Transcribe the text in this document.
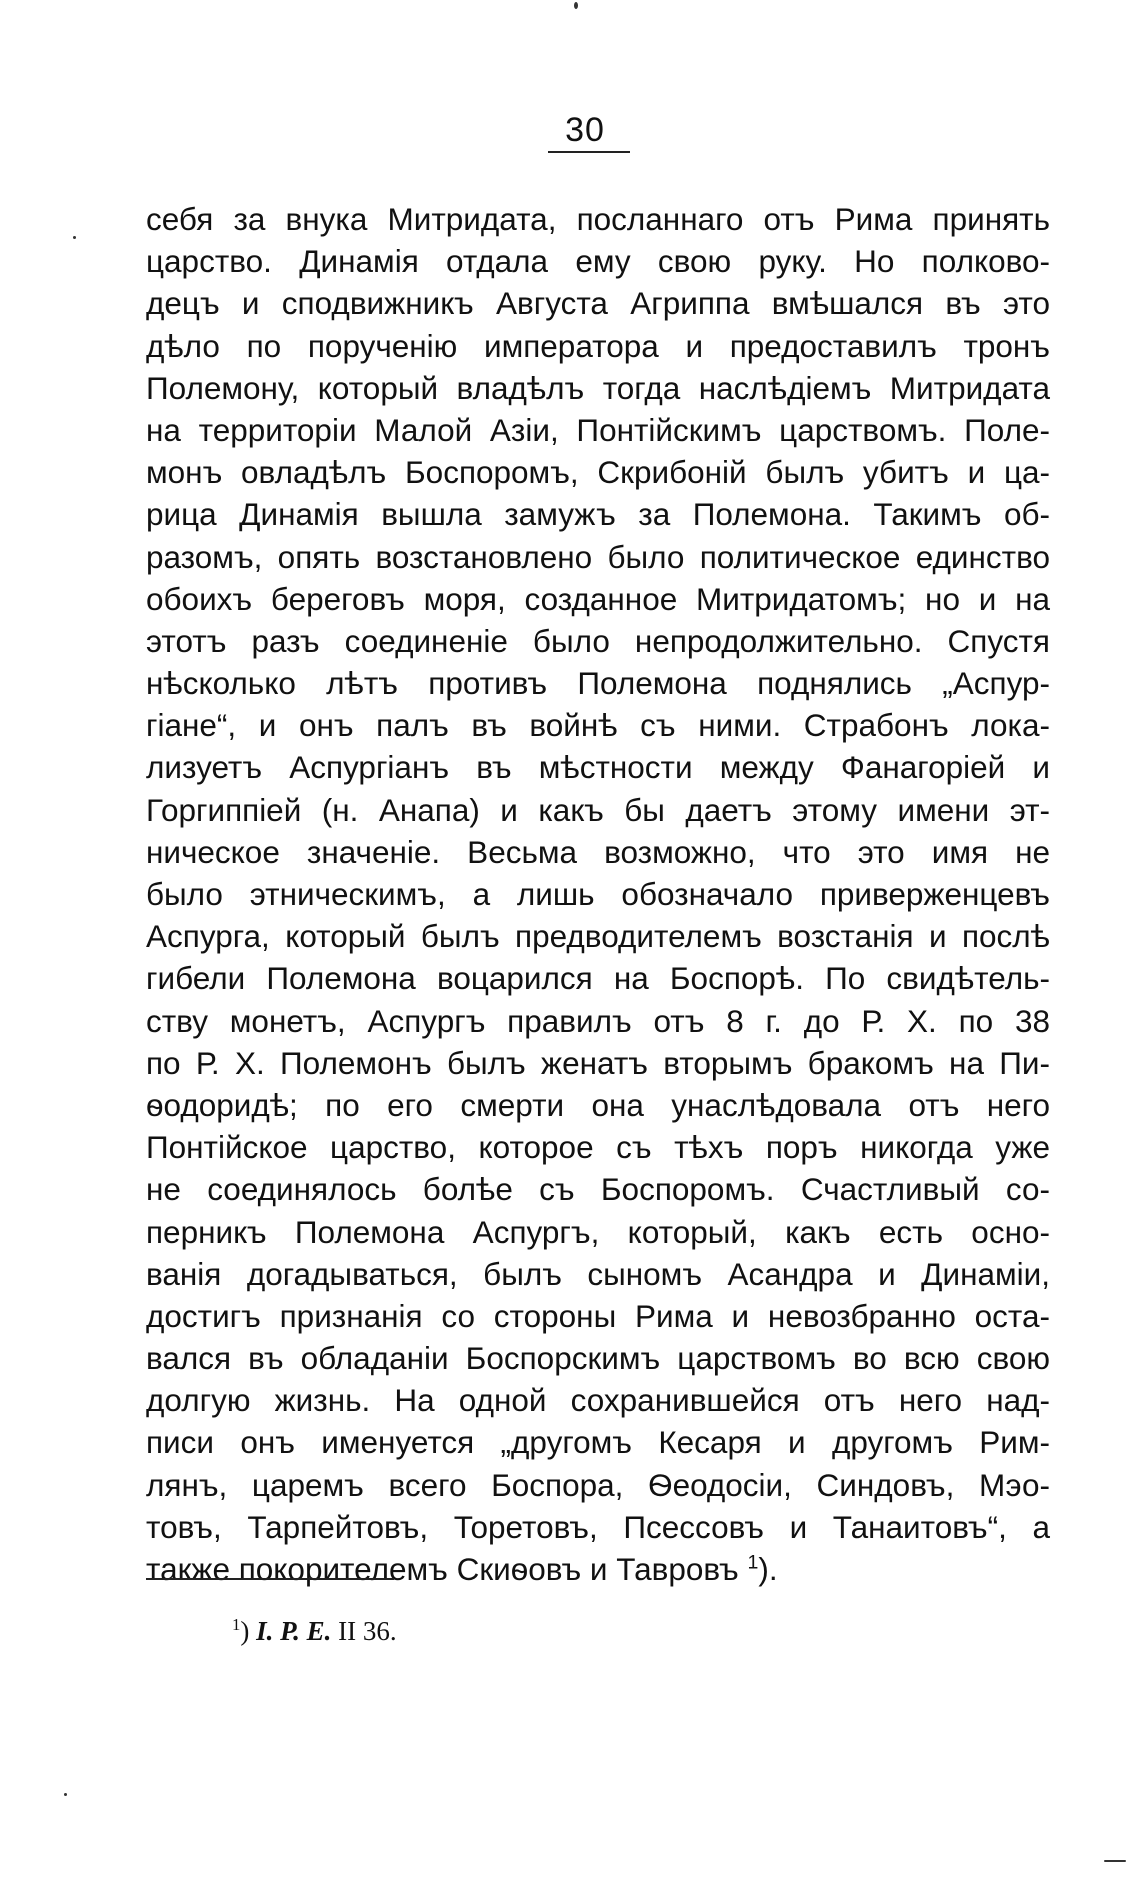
30
себя за внука Митридата, посланнаго отъ Рима принять
царство. Динамія отдала ему свою руку. Но полково-
децъ и сподвижникъ Августа Агриппа вмѣшался въ это
дѣло по порученію императора и предоставилъ тронъ
Полемону, который владѣлъ тогда наслѣдіемъ Митридата
на территоріи Малой Азіи, Понтійскимъ царствомъ. Поле-
монъ овладѣлъ Боспоромъ, Скрибоній былъ убитъ и ца-
рица Динамія вышла замужъ за Полемона. Такимъ об-
разомъ, опять возстановлено было политическое единство
обоихъ береговъ моря, созданное Митридатомъ; но и на
этотъ разъ соединеніе было непродолжительно. Спустя
нѣсколько лѣтъ противъ Полемона поднялись „Аспур-
гіане“, и онъ палъ въ войнѣ съ ними. Страбонъ лока-
лизуетъ Аспургіанъ въ мѣстности между Фанагоріей и
Горгиппіей (н. Анапа) и какъ бы даетъ этому имени эт-
ническое значеніе. Весьма возможно, что это имя не
было этническимъ, а лишь обозначало приверженцевъ
Аспурга, который былъ предводителемъ возстанія и послѣ
гибели Полемона воцарился на Боспорѣ. По свидѣтель-
ству монетъ, Аспургъ правилъ отъ 8 г. до Р. Х. по 38
по Р. Х. Полемонъ былъ женатъ вторымъ бракомъ на Пи-
ѳодоридѣ; по его смерти она унаслѣдовала отъ него
Понтійское царство, которое съ тѣхъ поръ никогда уже
не соединялось болѣе съ Боспоромъ. Счастливый со-
перникъ Полемона Аспургъ, который, какъ есть осно-
ванія догадываться, былъ сыномъ Асандра и Динаміи,
достигъ признанія со стороны Рима и невозбранно оста-
вался въ обладаніи Боспорскимъ царствомъ во всю свою
долгую жизнь. На одной сохранившейся отъ него над-
писи онъ именуется „другомъ Кесаря и другомъ Рим-
лянъ, царемъ всего Боспора, Ѳеодосіи, Синдовъ, Мэо-
товъ, Тарпейтовъ, Торетовъ, Псессовъ и Танаитовъ“, а
также покорителемъ Скиѳовъ и Тавровъ $^1$).
$^1$) I. P. E. II 36.
